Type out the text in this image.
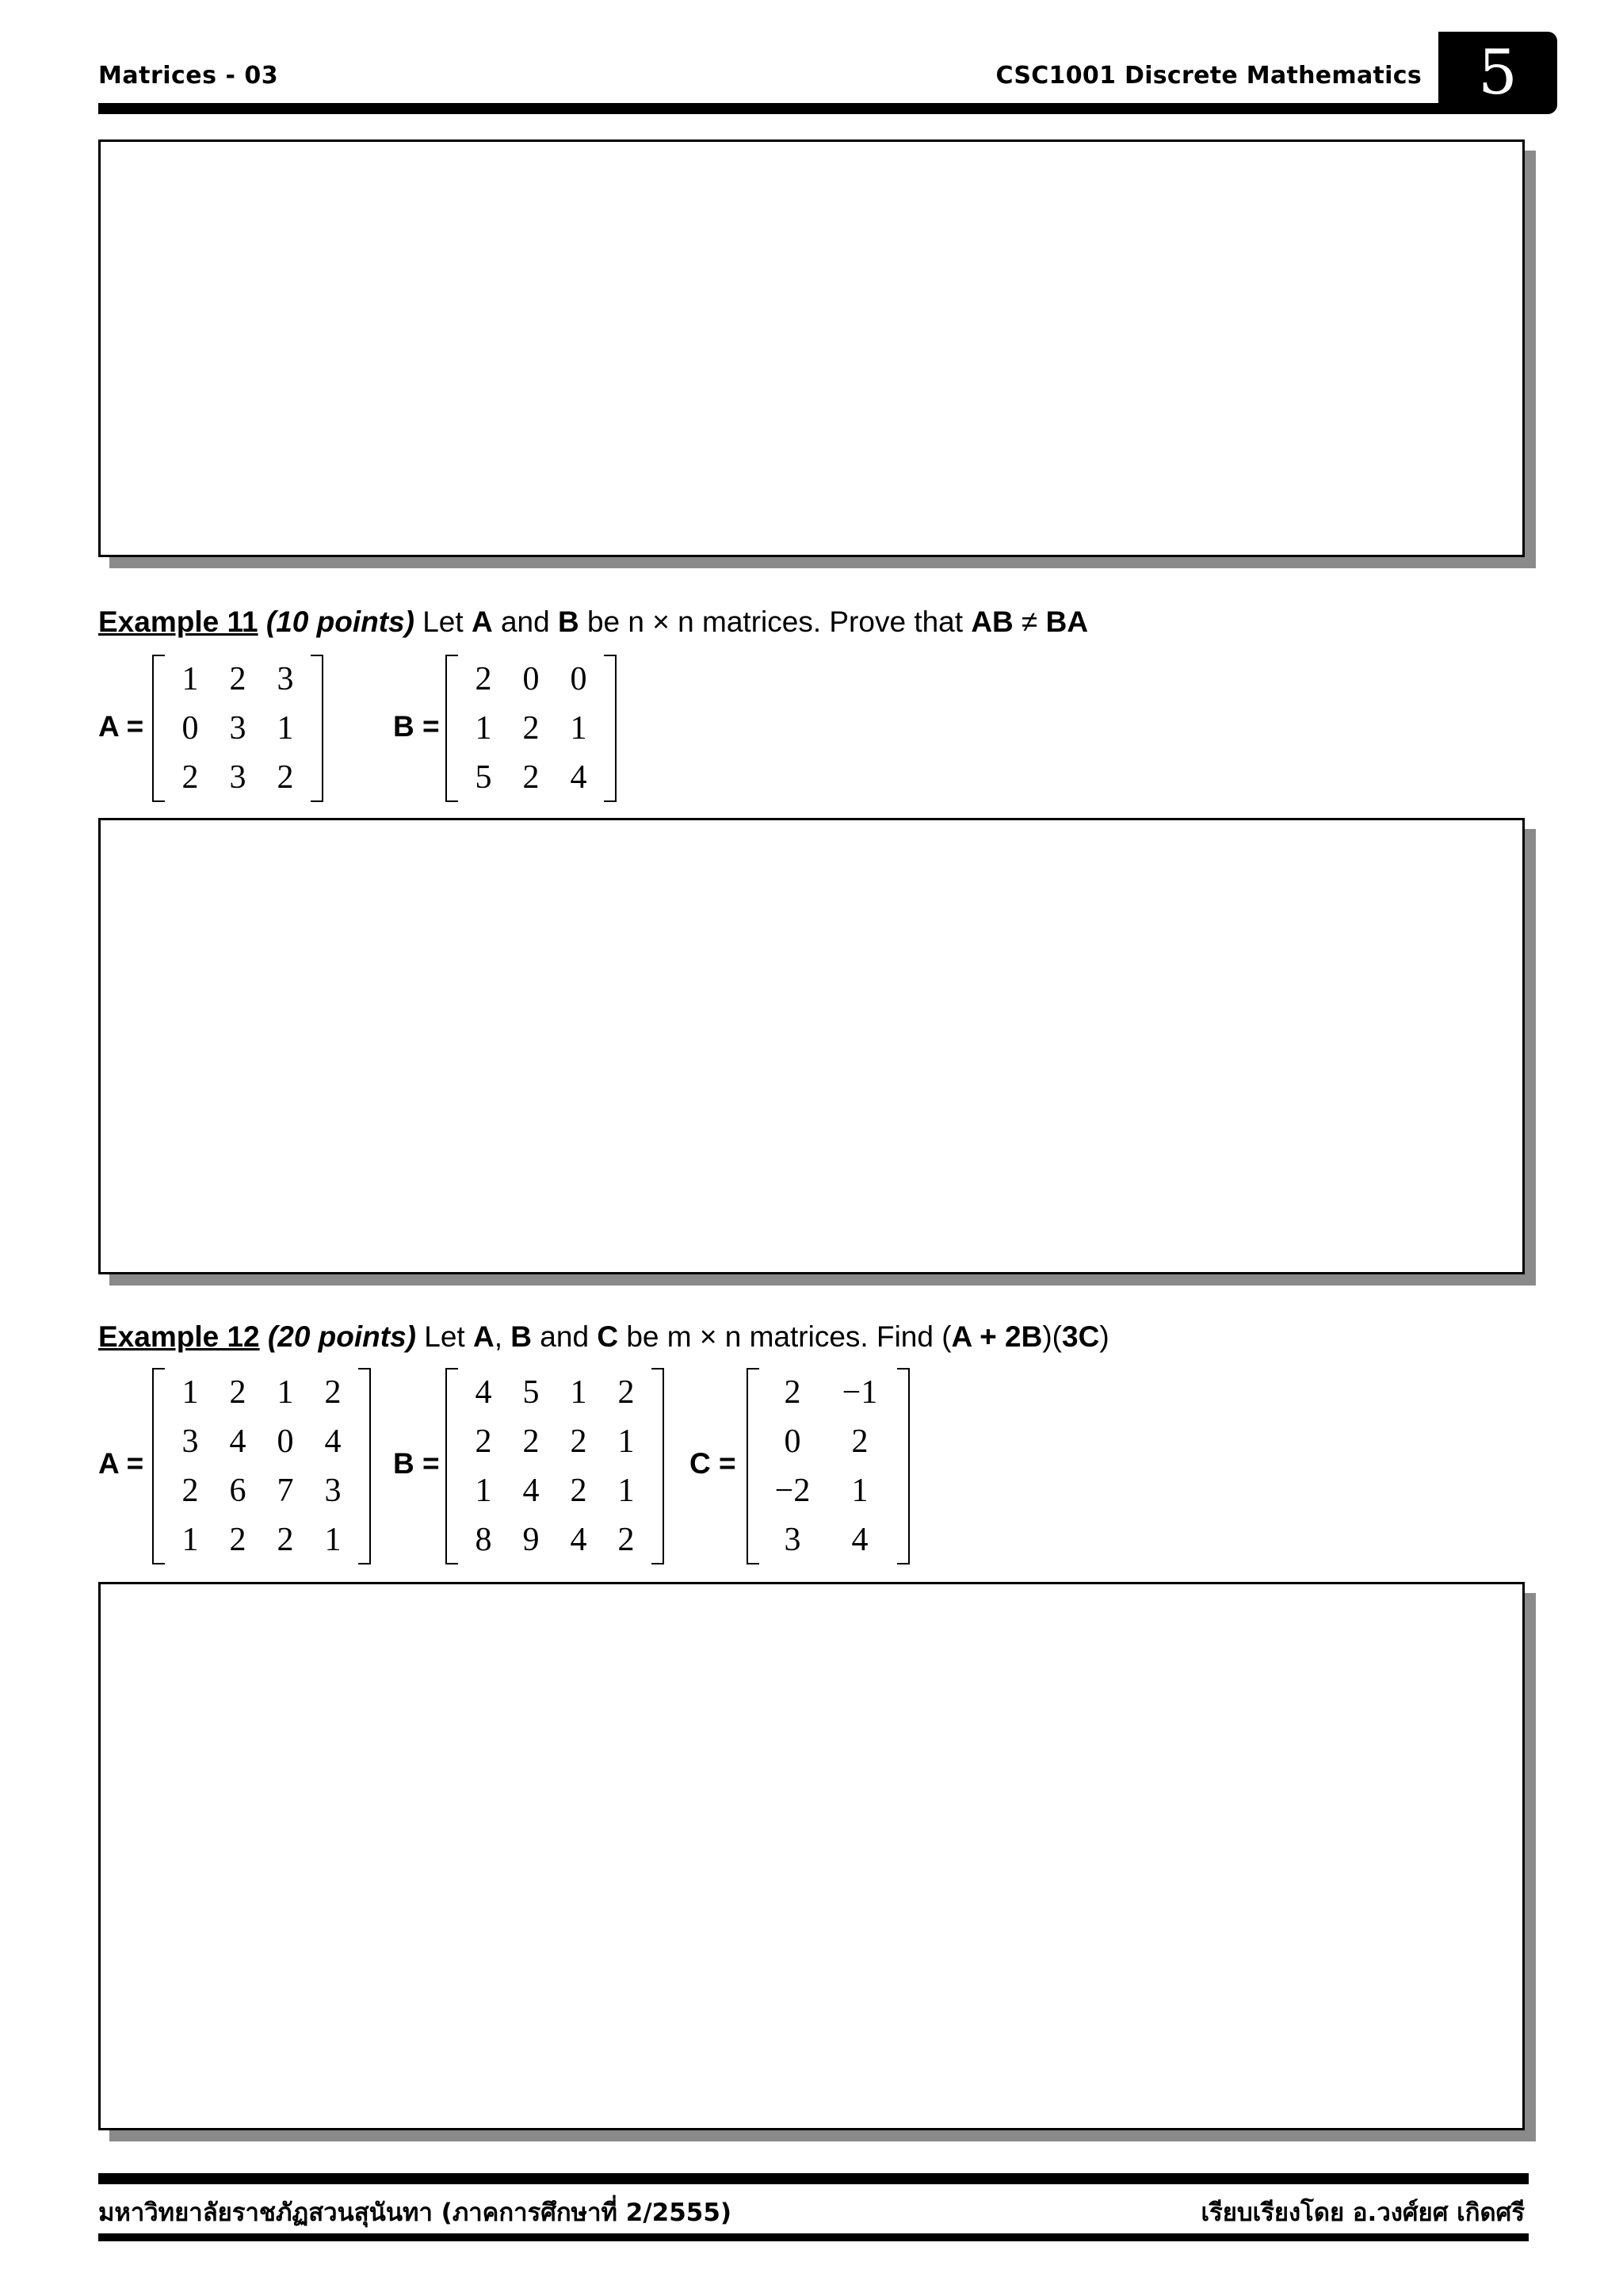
Matrices - 03	CSC1001 Discrete Mathematics 5
Example 11 (10 points) Let A and B be n × n matrices. Prove that AB ≠ BA
A =
1 2 3
0 3 1
2 3 2
B =
2 0 0
1 2 1
5 2 4
Example 12 (20 points) Let A, B and C be m × n matrices. Find (A + 2B)(3C)
A =
1 2 1 2
3 4 0 4
2 6 7 3
1 2 2 1
B =
4 5 1 2
2 2 2 1
1 4 2 1
8 9 4 2
C =
2	−1
0	2
−2	1
3	4
มหาวิทยาลัยราชภัฏสวนสุนันทา (ภาคการศึกษาที่ 2/2555)	เรียบเรียงโดย อ.วงศ์ยศ เกิดศรี
